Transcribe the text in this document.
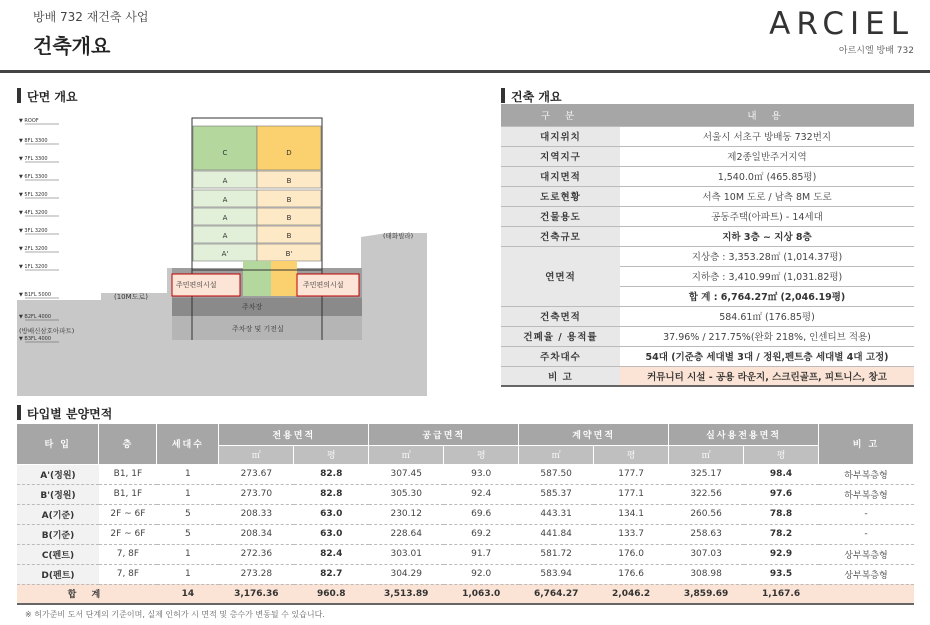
방배 732 재건축 사업
건축개요
ARCIEL
아르시엘 방배 732
단면 개요
C	D
A	B
A	B
A	B
A	B
A'	B'
▼ ROOF
▼ 8FL 3300
▼ 7FL 3300
▼ 6FL 3300
▼ 5FL 3200
▼ 4FL 3200
▼ 3FL 3200
▼ 2FL 3200
▼ 1FL 3200
▼ B1FL 5000
▼ B2FL 4000
▼ B3FL 4000
주민편의시설	주민편의시설
주차장
주차장 및 기전실
(10M도로)
(방배신삼호아파트)
(태화빌라)
건축 개요
구 분	내 용
대지위치	서울시 서초구 방배동 732번지
지역지구	제2종일반주거지역
대지면적	1,540.0㎡ (465.85평)
도로현황	서측 10M 도로 / 남측 8M 도로
건물용도	공동주택(아파트) - 14세대
건축규모	지하 3층 ~ 지상 8층
연면적	지상층 : 3,353.28㎡ (1,014.37평)
	지하층 : 3,410.99㎡ (1,031.82평)
	합 계 : 6,764.27㎡ (2,046.19평)
건축면적	584.61㎡ (176.85평)
건폐율 / 용적률	37.96% / 217.75%(완화 218%, 인센티브 적용)
주차대수	54대 (기준층 세대별 3대 / 정원,펜트층 세대별 4대 고정)
비 고	커뮤니티 시설 - 공용 라운지, 스크린골프, 피트니스, 창고
타입별 분양면적
타 입	층	세대수	전용면적		공급면적		계약면적		실사용전용면적		비 고
			㎡	평	㎡	평	㎡	평	㎡	평	
A'(정원)	B1, 1F	1	273.67	82.8	307.45	93.0	587.50	177.7	325.17	98.4	하부복층형
B'(정원)	B1, 1F	1	273.70	82.8	305.30	92.4	585.37	177.1	322.56	97.6	하부복층형
A(기준)	2F ~ 6F	5	208.33	63.0	230.12	69.6	443.31	134.1	260.56	78.8	-
B(기준)	2F ~ 6F	5	208.34	63.0	228.64	69.2	441.84	133.7	258.63	78.2	-
C(펜트)	7, 8F	1	272.36	82.4	303.01	91.7	581.72	176.0	307.03	92.9	상부복층형
D(펜트)	7, 8F	1	273.28	82.7	304.29	92.0	583.94	176.6	308.98	93.5	상부복층형
합 계		14	3,176.36	960.8	3,513.89	1,063.0	6,764.27	2,046.2	3,859.69	1,167.6	
※ 허가준비 도서 단계의 기준이며, 실제 인허가 시 면적 및 층수가 변동될 수 있습니다.
